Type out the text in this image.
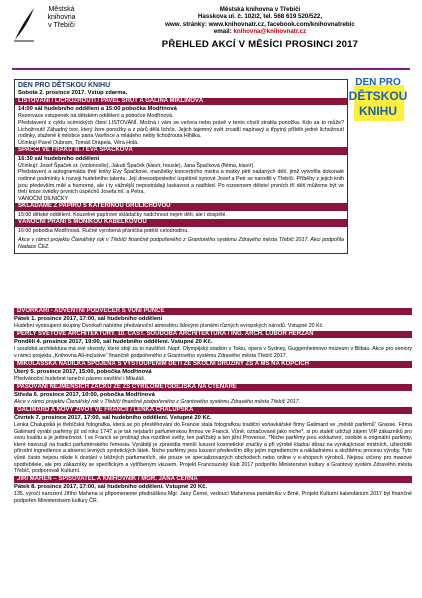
Městská
knihovna
v Třebíči
Městská knihovna v Třebíči
Hasskova ul. č. 102/2, tel. 568 619 520/522,
www. stránky: www.knihovnatr.cz, facebook.com/knihovnatrebic
email: knihovna@knihovnatr.cz
PŘEHLED AKCÍ V MĚSÍCI PROSINCI 2017
DEN PRO
DĚTSKOU
KNIHU
DEN PRO DĚTSKOU KNIHU
Sobota 2. prosince 2017. Vstup zdarma.
LISTOVÁNÍ / LICHOŽROUTI / PAVEL ŠRUT A GALINA MIKLÍNOVÁ
14:00 sál hudebního oddělení a 15:00 pobočka Modřínová
Rezervace vstupenek na dětském oddělení a pobočce Modřínová.
Představení z cyklu scénických čtení LISTOVÁNÍ. Možná i vám se večera nebo právě v tento chvíli ztratila ponožka. Kdo za to může? Lichožrouti! Záhadný tvor, který žere ponožky a z párů dělá lichče. Jejich tajemný svět zrcadlí napínavý a třpytný příběh jedné lichožroutí rodinky, stažené k milobce pana Vavřince a mládeho nebly lichožrouta Hihlika.
Účinkují Pavel Oubram, Tomáš Drápela, Věra Holá.
ŠPAČCI VE FRAKU III. / EVA ŠPAČKOVÁ
16:30 sál hudebního oddělení
Účinkují: Josef Špaček st. (violoncello), Jakub Špaček (klavír, housle), Jana Špačková (flétna, klavír).
Představení a autogramiáda třetí knihy Evy Špačkové, manželky koncertního mistra a matky pětí nadaných dětí, jimž vytvořila dokonalé rodinné podmínky k rozvoji hudebního talentu. Její dnesodposlední úspěšně synové Josef a Petr se narodili v Třebíči. Příběhy z jejich knih jsou především milé a humorné, ale i ty vážnější nepostrádají laskavost a nadhled. Po rozvernem dětství prvních tří dětí můžeme být ve třetí knize svědky prvních úspěchů Josefa ml. a Petra.
VÁNOČNÍ DÍLNIČKY
SKLÁDÁME Z PAPÍRU S KATEŘINOU GRULICHOVOU
15:00 dětské oddělení. Kouzelné papírové skládačky nadchnout nejen děti, ale i dospělé.
VÁNOČNÍ PŘÁNÍ S MONIKOU KABELKOVOU
16:00 pobočka Modřínová. Ručně vyrobená přáníčka potěší celoúrodinu.
Akce v rámci projektu Čtenářský rok v Třebíči finančně podpořeného z Grantového systému Zdravého města Třebíč 2017. Akci podpořila Nadace ČEZ.
DVORKAŘI - ADVENTNÍ PODVEČER S VŮNÍ PUNČE
Pátek 1. prosince 2017, 17:00, sál hudebního oddělení
Hudební vystoupení skupiny Dvorkaři nabídne předvánoční atmosféru lidovými písněmi různých evropských národů. Vstupné 20 Kč.
PERLY SVĚTOVÉ ARCHITEKTURY. 10. ČÁST. SOUDOBÁ ARCHITEKTURA / ING. ARCH. LUBOR HERZÁN
Pondělí 4. prosince 2017, 19:00, sál hudebního oddělení. Vstupné 20 Kč.
I soudobá architektura má své skvosty, které stojí za to navštívit. Např. Olympijský stadion v Tokiu, opera v Sydney, Guggenheimovo muzeum v Bilbau. Akce pro seniory v rámci projektu „Knihovna All-inclusive“ finančně podpořeného z Grantového systému Zdravého města Třebíč 2017.
MIKULÁŠSKÁ NADÍLKA SPOJENÁ S VYSTOUPENÍM DĚTÍ ZE ŠKOLNÍ DRUŽINY ZŠ A MŠ NA KOPCÍCH
Úterý 5. prosince 2017, 15:00, pobočka Modřínová
Předvánoční hudebně taneční pásmo navštíví i Mikuláš.
PASOVÁNÍ NEJMENŠÍCH ŽÁČKŮ ZE ZŠ CYRILOMETODĚJSKÁ NA ČTENÁŘE
Středa 6. prosince 2017, 10:00, pobočka Modřínová
Akce v rámci projektu Čtenářský rok v Třebíči finančně podpořeného z Grantového systému Zdravého města Třebíč 2017.
GALIMARD A NOVÝ ŽIVOT VE FRANCII / LENKA CHALUPSKÁ
Čtvrtek 7. prosince 2017, 17:00, sál hudebního oddělení. Vstupné 20 Kč.
Lenka Chalupská je třebíčská fotografka, která se po přestěhování do Francie stala fotografkou tradiční voňavkářské firmy Galimard ve „městě parfémů“ Grasse. Firma Galimard vyrábí parfémy již od roku 1747 a je tak nejstarší parfumérskou firmou ve Francii. Vůně, označované jako niche*, si po staletí udržují zájem VIP zákazníků pro svou kvalitu a je jedinečnost. I ve Francii se prolínají dva rozdílné světy, ten pařížský a ten jižní Provence. *Niche parfémy jsou exkluzivní, osobité a originální parfémy, které navozují na tradici parfumérského řemesla. Vyrábějí je zpravidla menší luxusní kosmetické značky a při výrobě kladou důraz na vynikajícnost místních, užlechtilé přírodní ingredience a absenci levných syntetických látek. Niche parfémy jsou luxusní především díky jejím ingrediencím a nákladnému a složitému procesu výroby. Tyto vůně často nejsou nikde k dostání v běžných parfumeriích, ale pouze ve specializovaných obchodech nebo online v e-shopech výrobců. Nejsou určeny pro masové spotřebitele, ale pro zákazníky se specifickým a vytříbeným vkusem. Projekt Francouzský klub 2017 podpořilo Ministerstvo kultury a Grantový systém Zdravého města Třebíč, podporovali Kulturní.
JIŘÍ MAHEN – SPISOVATEL A KNIHOVNÍK / MGR. JANA ČERNÁ
Pátek 8. prosince 2017, 17:00, sál hudebního oddělení. Vstupné 20 Kč.
135. výročí narození Jiřího Mahena si připomeneme přednáškou Mgr. Jany Černé, vedoucí Mahenova památníku v Brně. Projekt Kulturní kalendárium 2017 byl finančně podpořen Ministerstvem kultury ČR.
